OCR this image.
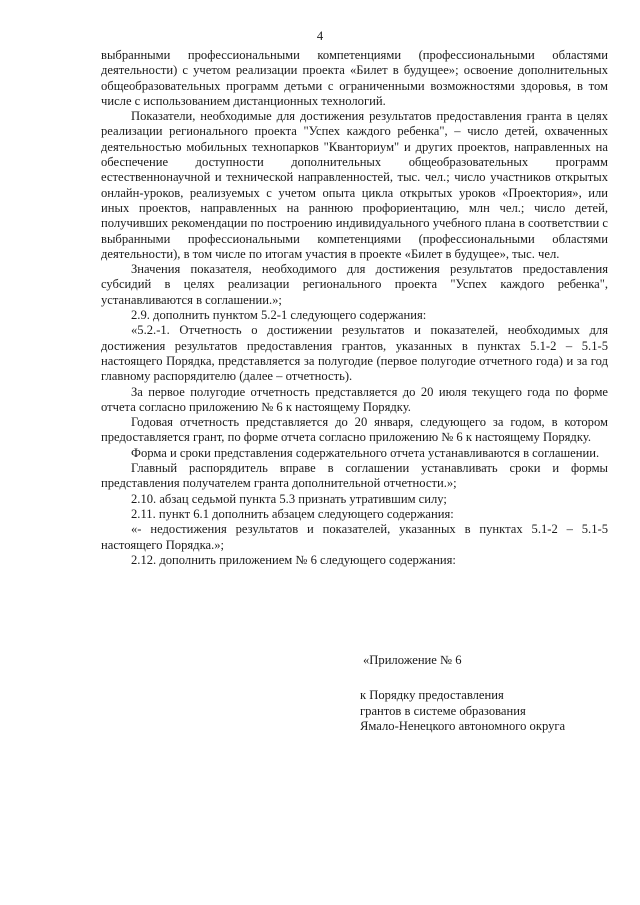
4

выбранными профессиональными компетенциями (профессиональными областями деятельности) с учетом реализации проекта «Билет в будущее»; освоение дополнительных общеобразовательных программ детьми с ограниченными возможностями здоровья, в том числе с использованием дистанционных технологий.

Показатели, необходимые для достижения результатов предоставления гранта в целях реализации регионального проекта "Успех каждого ребенка", – число детей, охваченных деятельностью мобильных технопарков "Кванториум" и других проектов, направленных на обеспечение доступности дополнительных общеобразовательных программ естественнонаучной и технической направленностей, тыс. чел.; число участников открытых онлайн-уроков, реализуемых с учетом опыта цикла открытых уроков «Проектория», или иных проектов, направленных на раннюю профориентацию, млн чел.; число детей, получивших рекомендации по построению индивидуального учебного плана в соответствии с выбранными профессиональными компетенциями (профессиональными областями деятельности), в том числе по итогам участия в проекте «Билет в будущее», тыс. чел.

Значения показателя, необходимого для достижения результатов предоставления субсидий в целях реализации регионального проекта "Успех каждого ребенка", устанавливаются в соглашении.»;

2.9. дополнить пунктом 5.2-1 следующего содержания:

«5.2.-1. Отчетность о достижении результатов и показателей, необходимых для достижения результатов предоставления грантов, указанных в пунктах 5.1-2 – 5.1-5 настоящего Порядка, представляется за полугодие (первое полугодие отчетного года) и за год главному распорядителю (далее – отчетность).

За первое полугодие отчетность представляется до 20 июля текущего года по форме отчета согласно приложению № 6 к настоящему Порядку.

Годовая отчетность представляется до 20 января, следующего за годом, в котором предоставляется грант, по форме отчета согласно приложению № 6 к настоящему Порядку.

Форма и сроки представления содержательного отчета устанавливаются в соглашении.

Главный распорядитель вправе в соглашении устанавливать сроки и формы представления получателем гранта дополнительной отчетности.»;

2.10. абзац седьмой пункта 5.3 признать утратившим силу;

2.11. пункт 6.1 дополнить абзацем следующего содержания:

«- недостижения результатов и показателей, указанных в пунктах 5.1-2 – 5.1-5 настоящего Порядка.»;

2.12. дополнить приложением № 6 следующего содержания:

«Приложение № 6
к Порядку предоставления
грантов в системе образования
Ямало-Ненецкого автономного округа
